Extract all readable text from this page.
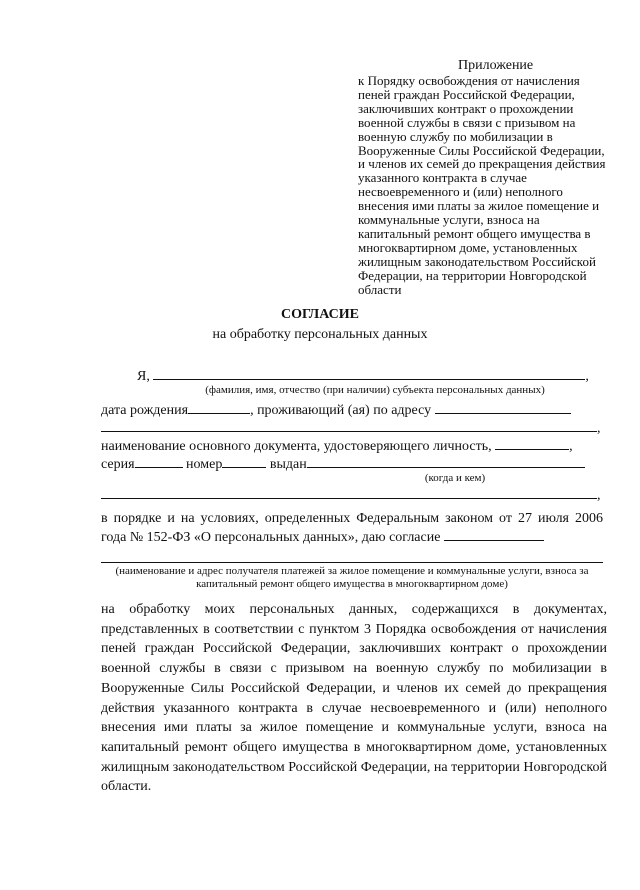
Приложение
к Порядку освобождения от начисления пеней граждан Российской Федерации, заключивших контракт о прохождении военной службы в связи с призывом на военную службу по мобилизации в Вооруженные Силы Российской Федерации, и членов их семей до прекращения действия указанного контракта в случае несвоевременного и (или) неполного внесения ими платы за жилое помещение и коммунальные услуги, взноса на капитальный ремонт общего имущества в многоквартирном доме, установленных жилищным законодательством Российской Федерации, на территории Новгородской области
СОГЛАСИЕ
на обработку персональных данных
Я,	,
(фамилия, имя, отчество (при наличии) субъекта персональных данных)
дата рождения	, проживающий (ая) по адресу
,
наименование основного документа, удостоверяющего личность,	,
серия	номер	выдан
(когда и кем)
,
в порядке и на условиях, определенных Федеральным законом от 27 июля 2006 года № 152-ФЗ «О персональных данных», даю согласие
(наименование и адрес получателя платежей за жилое помещение и коммунальные услуги, взноса за капитальный ремонт общего имущества в многоквартирном доме)
на обработку моих персональных данных, содержащихся в документах, представленных в соответствии с пунктом 3 Порядка освобождения от начисления пеней граждан Российской Федерации, заключивших контракт о прохождении военной службы в связи с призывом на военную службу по мобилизации в Вооруженные Силы Российской Федерации, и членов их семей до прекращения действия указанного контракта в случае несвоевременного и (или) неполного внесения ими платы за жилое помещение и коммунальные услуги, взноса на капитальный ремонт общего имущества в многоквартирном доме, установленных жилищным законодательством Российской Федерации, на территории Новгородской области.
